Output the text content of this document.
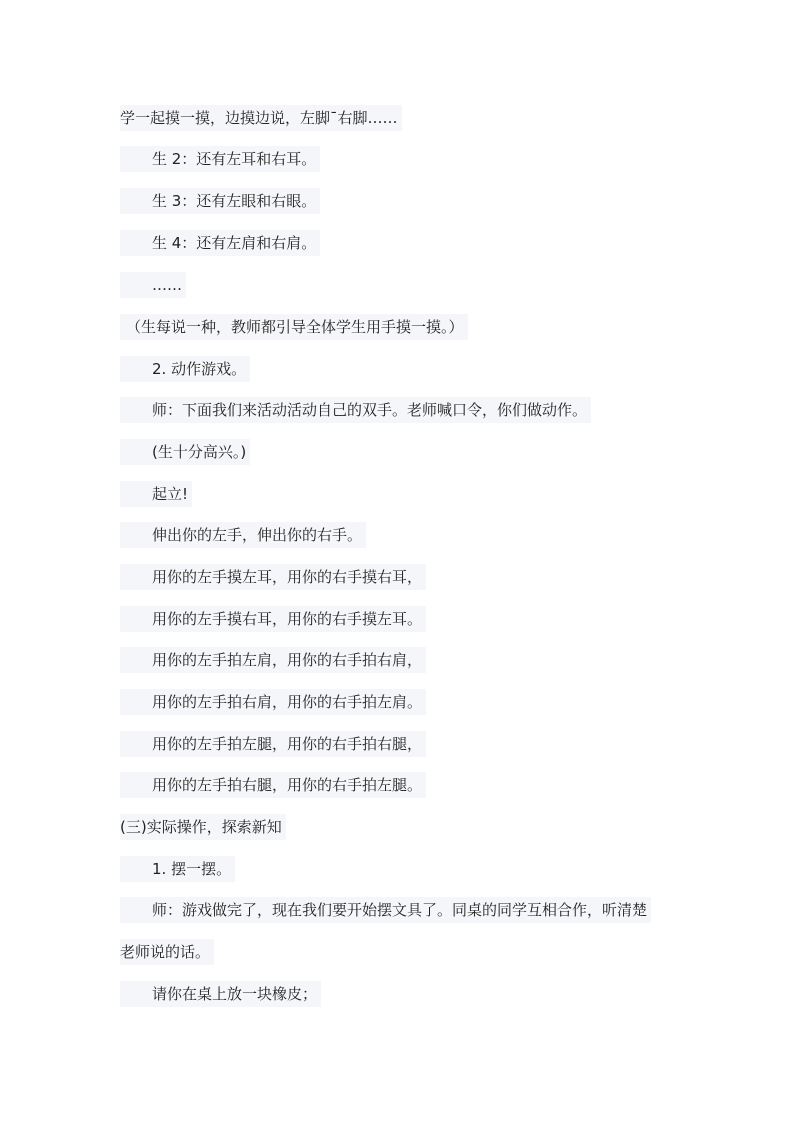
学一起摸一摸，边摸边说，左脚¯右脚……
生 2：还有左耳和右耳。
生 3：还有左眼和右眼。
生 4：还有左肩和右肩。
……
（生每说一种，教师都引导全体学生用手摸一摸。）
2. 动作游戏。
师：下面我们来活动活动自己的双手。老师喊口令，你们做动作。
(生十分高兴。)
起立!
伸出你的左手，伸出你的右手。
用你的左手摸左耳，用你的右手摸右耳，
用你的左手摸右耳，用你的右手摸左耳。
用你的左手拍左肩，用你的右手拍右肩，
用你的左手拍右肩，用你的右手拍左肩。
用你的左手拍左腿，用你的右手拍右腿，
用你的左手拍右腿，用你的右手拍左腿。
(三)实际操作，探索新知
1. 摆一摆。
师：游戏做完了，现在我们要开始摆文具了。同桌的同学互相合作，听清楚
老师说的话。
请你在桌上放一块橡皮；
